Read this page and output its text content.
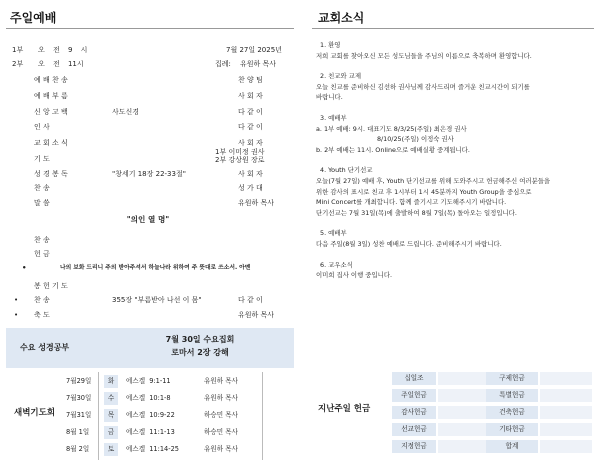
주일예배
1부 오 전 9 시	7월 27일 2025년
2부 오 전 11시	집례: 유원하 목사
예 배 찬 송	찬 양 팀
예 배 부 름	사 회 자
신 앙 고 백	사도신경	다 같 이
인 사	다 같 이
교 회 소 식	사 회 자
기 도
1부 이미정 권사
2부 강상원 장로
성 경 봉 독	"창세기 18장 22-33절"	사 회 자
찬 송	성 가 대
말 씀	유원하 목사
"의인 열 명"
찬 송
헌 금
•	나의 보화 드리니 주의 받아주셔서 하늘나라 위하여 주 뜻대로 쓰소서. 아멘
봉 헌 기 도
찬 송	355장 "부름받아 나선 이 몸"	다 같 이
•
축 도	유원하 목사
•
수요 성경공부
7월 30일 수요집회
로마서 2장 강해
새벽기도회
7월29일	화	에스겔 9:1-11	유원하 목사
7월30일	수	에스겔 10:1-8	유원하 목사
7월31일	목	에스겔 10:9-22	하승민 목사
8월 1일	금	에스겔 11:1-13	하승민 목사
8월 2일	토	에스겔 11:14-25	유원하 목사
교회소식
1. 환영
저희 교회를 찾아오신 모든 성도님들을 주님의 이름으로 축복하며 환영합니다.
2. 친교와 교제
오늘 친교를 준비하신 김선하 권사님께 감사드리며 즐거운 친교시간이 되기를
바랍니다.
3. 예배부
a. 1부 예배: 9시. 대표기도 8/3/25(주일) 최은경 권사
8/10/25(주일) 이정숙 권사
b. 2부 예배는 11시. Online으로 예배실황 중계됩니다.
4. Youth 단기선교
오늘(7월 27일) 예배 후, Youth 단기선교를 위해 도와주시고 헌금해주신 여러분들을
위한 감사의 표시로 친교 후 1시부터 1시 45분까지 Youth Group을 중심으로
Mini Concert를 개최합니다. 함께 즐기시고 기도해주시기 바랍니다.
단기선교는 7월 31일(목)에 출발하여 8월 7일(목) 돌아오는 일정입니다.
5. 예배부
다음 주일(8월 3일) 성찬 예배로 드립니다. 준비해주시기 바랍니다.
6. 교우소식
이미희 집사 이행 중입니다.
지난주일 헌금
십일조	구제헌금
주일헌금	특별헌금
감사헌금	건축헌금
선교헌금	기타헌금
지정헌금	합계
